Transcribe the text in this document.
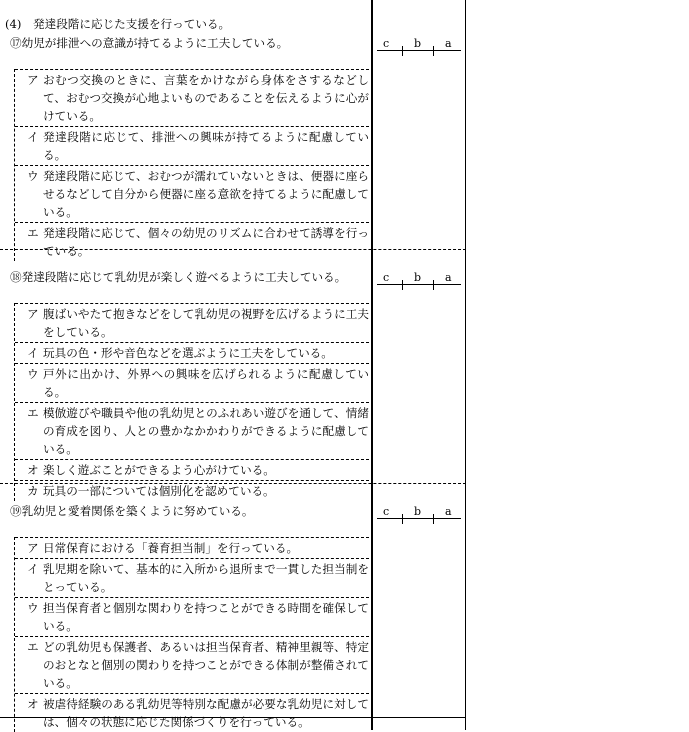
(4)　発達段階に応じた支援を行っている。
⑰幼児が排泄への意識が持てるように工夫している。	c b a
ア おむつ交換のときに、言葉をかけながら身体をさするなどして、おむつ交換が心地よいものであることを伝えるように心がけている。
イ 発達段階に応じて、排泄への興味が持てるように配慮している。
ウ 発達段階に応じて、おむつが濡れていないときは、便器に座らせるなどして自分から便器に座る意欲を持てるように配慮している。
エ 発達段階に応じて、個々の幼児のリズムに合わせて誘導を行っている。
⑱発達段階に応じて乳幼児が楽しく遊べるように工夫している。	c b a
ア 腹ばいやたて抱きなどをして乳幼児の視野を広げるように工夫をしている。
イ 玩具の色・形や音色などを選ぶように工夫をしている。
ウ 戸外に出かけ、外界への興味を広げられるように配慮している。
エ 模倣遊びや職員や他の乳幼児とのふれあい遊びを通して、情緒の育成を図り、人との豊かなかかわりができるように配慮している。
オ 楽しく遊ぶことができるよう心がけている。
カ 玩具の一部については個別化を認めている。
⑲乳幼児と愛着関係を築くように努めている。	c b a
ア 日常保育における「養育担当制」を行っている。
イ 乳児期を除いて、基本的に入所から退所まで一貫した担当制をとっている。
ウ 担当保育者と個別な関わりを持つことができる時間を確保している。
エ どの乳幼児も保護者、あるいは担当保育者、精神里親等、特定のおとなと個別の関わりを持つことができる体制が整備されている。
オ 被虐待経験のある乳幼児等特別な配慮が必要な乳幼児に対しては、個々の状態に応じた関係づくりを行っている。
